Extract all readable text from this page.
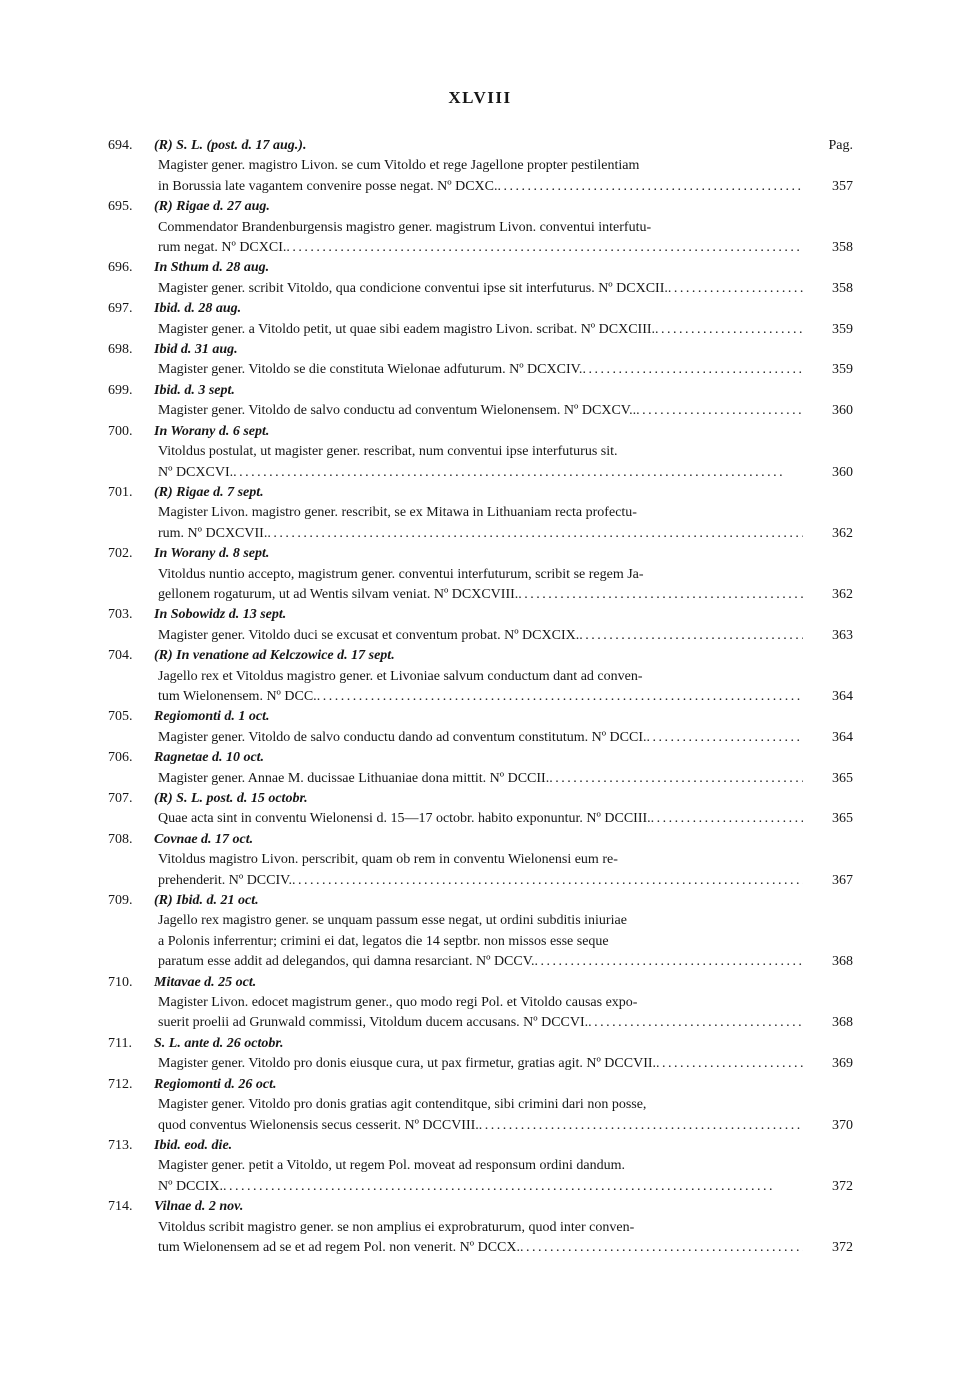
XLVIII
Pag.
694. (R) S. L. (post. d. 17 aug.).
Magister gener. magistro Livon. se cum Vitoldo et rege Jagellone propter pestilentiam
in Borussia late vagantem convenire posse negat. Nº DCXC. . . .	357
695. (R) Rigae d. 27 aug.
Commendator Brandenburgensis magistro gener. magistrum Livon. conventui interfutu-
rum negat. Nº DCXCI. . . .	358
696. In Sthum d. 28 aug.
Magister gener. scribit Vitoldo, qua condicione conventui ipse sit interfuturus. Nº DCXCII. . . .	358
697. Ibid. d. 28 aug.
Magister gener. a Vitoldo petit, ut quae sibi eadem magistro Livon. scribat. Nº DCXCIII. . . .	359
698. Ibid d. 31 aug.
Magister gener. Vitoldo se die constituta Wielonae adfuturum. Nº DCXCIV. . . .	359
699. Ibid. d. 3 sept.
Magister gener. Vitoldo de salvo conductu ad conventum Wielonensem. Nº DCXCV.. . . .	360
700. In Worany d. 6 sept.
Vitoldus postulat, ut magister gener. rescribat, num conventui ipse interfuturus sit.
Nº DCXCVI. . . .	360
701. (R) Rigae d. 7 sept.
Magister Livon. magistro gener. rescribit, se ex Mitawa in Lithuaniam recta profectu-
rum. Nº DCXCVII. . . .	362
702. In Worany d. 8 sept.
Vitoldus nuntio accepto, magistrum gener. conventui interfuturum, scribit se regem Ja-
gellonem rogaturum, ut ad Wentis silvam veniat. Nº DCXCVIII. . . .	362
703. In Sobowidz d. 13 sept.
Magister gener. Vitoldo duci se excusat et conventum probat. Nº DCXCIX. . . .	363
704. (R) In venatione ad Kelczowice d. 17 sept.
Jagello rex et Vitoldus magistro gener. et Livoniae salvum conductum dant ad conven-
tum Wielonensem. Nº DCC. . . .	364
705. Regiomonti d. 1 oct.
Magister gener. Vitoldo de salvo conductu dando ad conventum constitutum. Nº DCCI. . . .	364
706. Ragnetae d. 10 oct.
Magister gener. Annae M. ducissae Lithuaniae dona mittit. Nº DCCII. . . .	365
707. (R) S. L. post. d. 15 octobr.
Quae acta sint in conventu Wielonensi d. 15—17 octobr. habito exponuntur. Nº DCCIII. . . .	365
708. Covnae d. 17 oct.
Vitoldus magistro Livon. perscribit, quam ob rem in conventu Wielonensi eum re-
prehenderit. Nº DCCIV. . . .	367
709. (R) Ibid. d. 21 oct.
Jagello rex magistro gener. se unquam passum esse negat, ut ordini subditis iniuriae
a Polonis inferrentur; crimini ei dat, legatos die 14 septbr. non missos esse seque
paratum esse addit ad delegandos, qui damna resarciant. Nº DCCV. . . .	368
710. Mitavae d. 25 oct.
Magister Livon. edocet magistrum gener., quo modo regi Pol. et Vitoldo causas expo-
suerit proelii ad Grunwald commissi, Vitoldum ducem accusans. Nº DCCVI. . . .	368
711. S. L. ante d. 26 octobr.
Magister gener. Vitoldo pro donis eiusque cura, ut pax firmetur, gratias agit. Nº DCCVII. . . .	369
712. Regiomonti d. 26 oct.
Magister gener. Vitoldo pro donis gratias agit contenditque, sibi crimini dari non posse,
quod conventus Wielonensis secus cesserit. Nº DCCVIII. . . .	370
713. Ibid. eod. die.
Magister gener. petit a Vitoldo, ut regem Pol. moveat ad responsum ordini dandum.
Nº DCCIX. . . .	372
714. Vilnae d. 2 nov.
Vitoldus scribit magistro gener. se non amplius ei exprobraturum, quod inter conven-
tum Wielonensem ad se et ad regem Pol. non venerit. Nº DCCX. . . .	372
